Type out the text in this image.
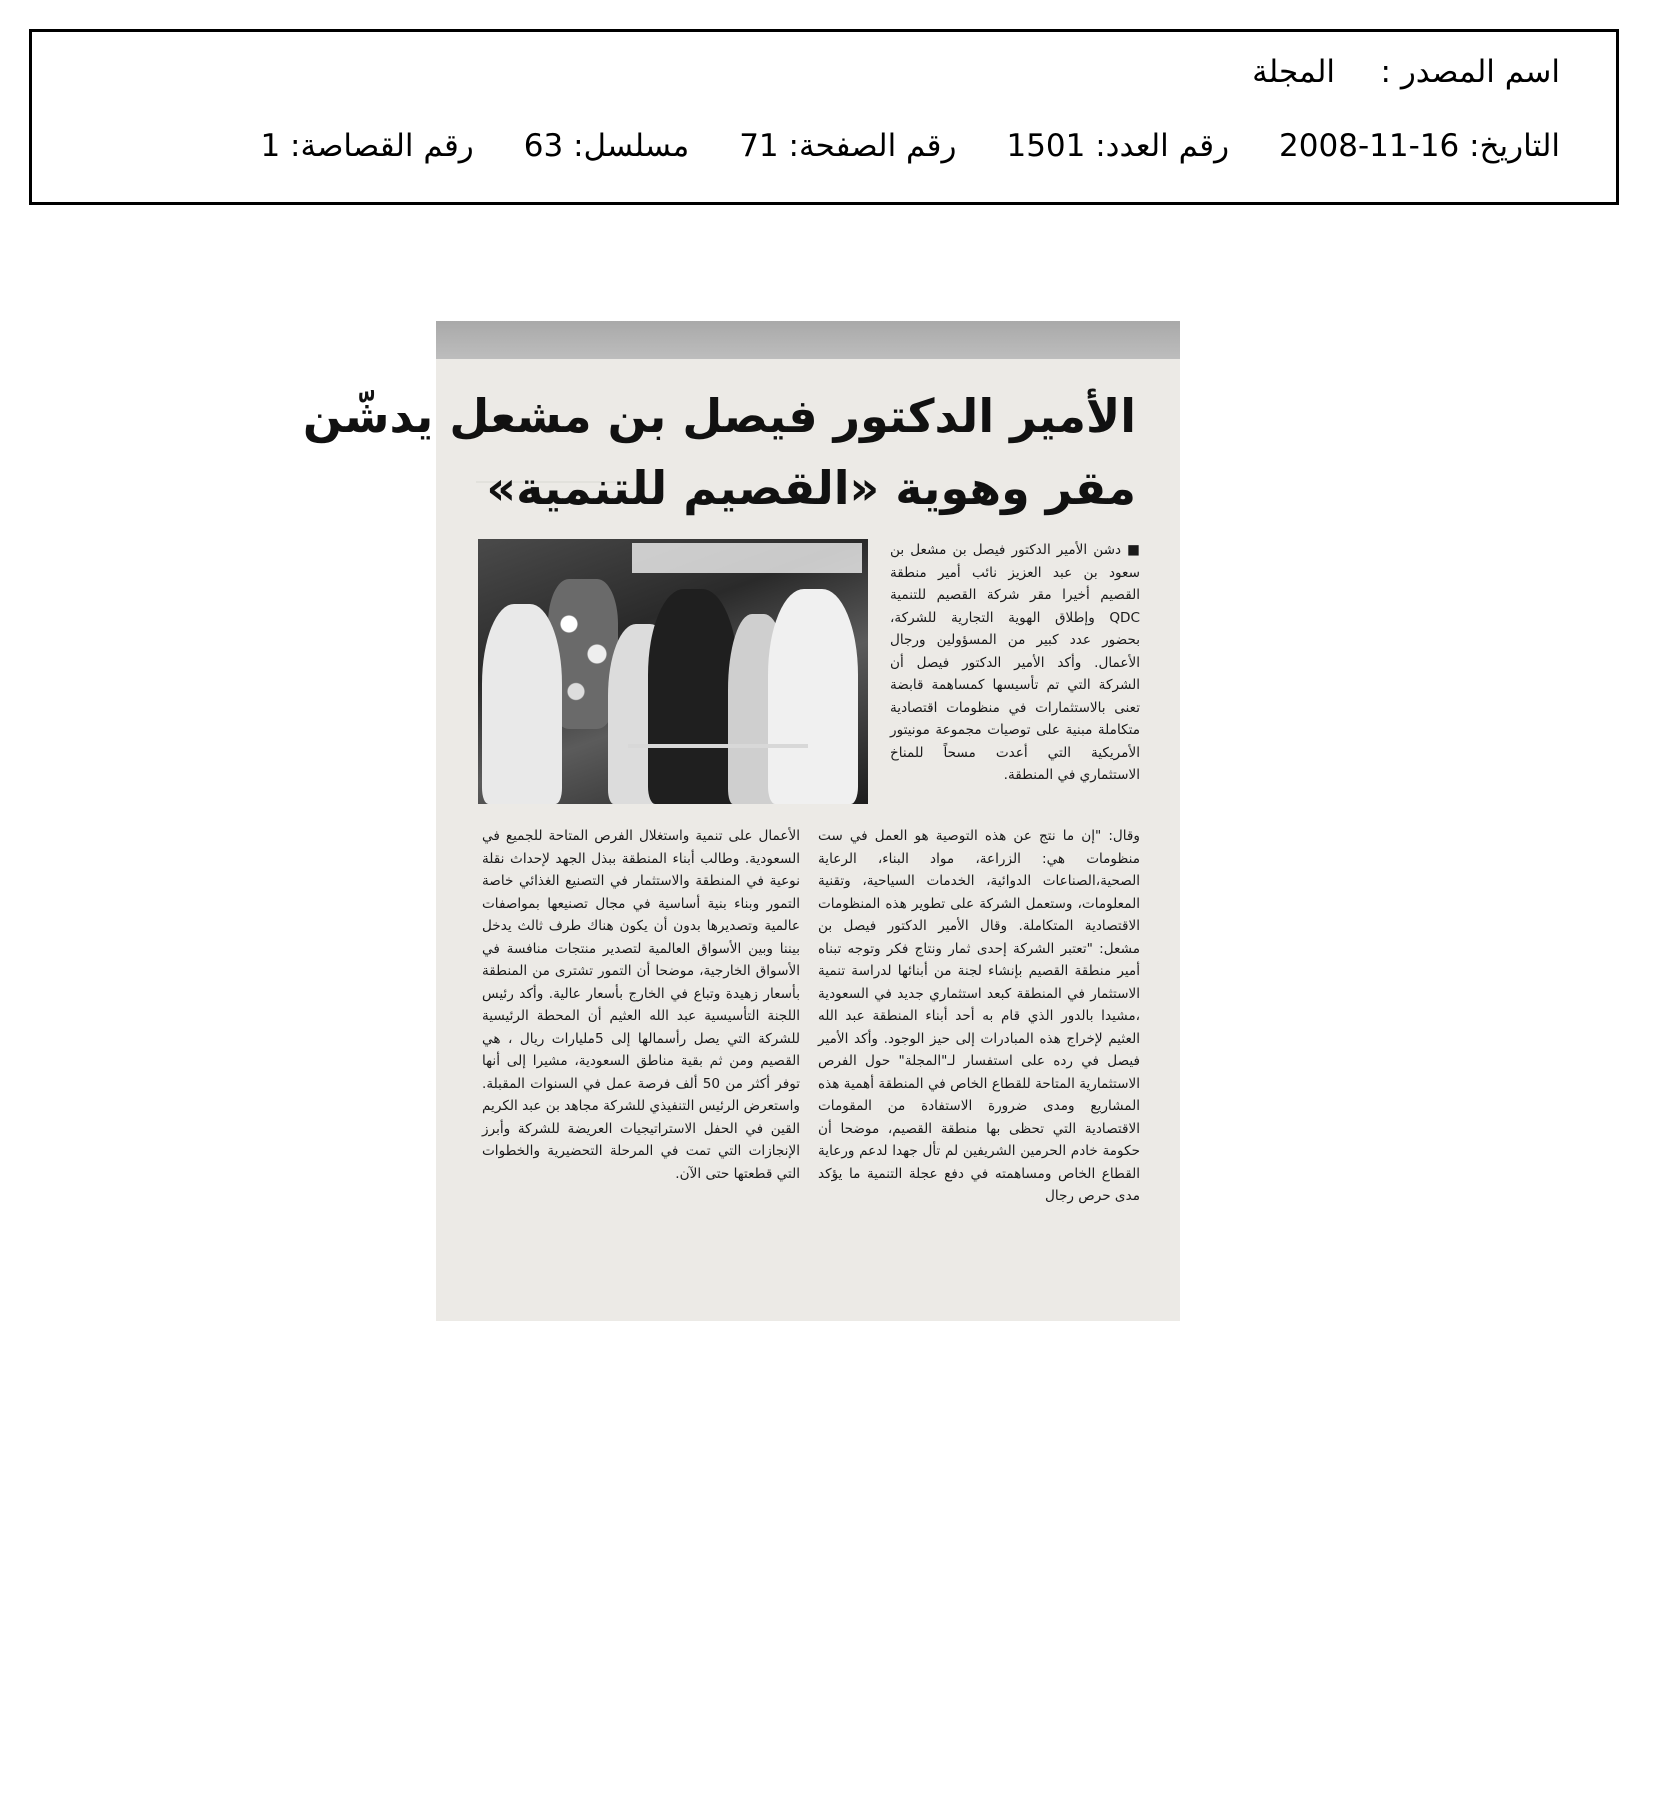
اسم المصدر :
المجلة
التاريخ: 16-11-2008
رقم العدد: 1501
رقم الصفحة: 71
مسلسل: 63
رقم القصاصة: 1
الأمير الدكتور فيصل بن مشعل يدشّن
مقر وهوية «القصيم للتنمية»

■ دشن الأمير الدكتور فيصل بن مشعل بن سعود بن عبد العزيز نائب أمير منطقة القصيم أخيرا مقر شركة القصيم للتنمية QDC وإطلاق الهوية التجارية للشركة، بحضور عدد كبير من المسؤولين ورجال الأعمال. وأكد الأمير الدكتور فيصل أن الشركة التي تم تأسيسها كمساهمة قابضة تعنى بالاستثمارات في منظومات اقتصادية متكاملة مبنية على توصيات مجموعة مونيتور الأمريكية التي أعدت مسحاً للمناخ الاستثماري في المنطقة.

وقال: "إن ما نتج عن هذه التوصية هو العمل في ست منظومات هي: الزراعة، مواد البناء، الرعاية الصحية،الصناعات الدوائية، الخدمات السياحية، وتقنية المعلومات، وستعمل الشركة على تطوير هذه المنظومات الاقتصادية المتكاملة. وقال الأمير الدكتور فيصل بن مشعل: "تعتبر الشركة إحدى ثمار ونتاج فكر وتوجه تبناه أمير منطقة القصيم بإنشاء لجنة من أبنائها لدراسة تنمية الاستثمار في المنطقة كبعد استثماري جديد في السعودية ،مشيدا بالدور الذي قام به أحد أبناء المنطقة عبد الله العثيم لإخراج هذه المبادرات إلى حيز الوجود. وأكد الأمير فيصل في رده على استفسار لـ"المجلة" حول الفرص الاستثمارية المتاحة للقطاع الخاص في المنطقة أهمية هذه المشاريع ومدى ضرورة الاستفادة من المقومات الاقتصادية التي تحظى بها منطقة القصيم، موضحا أن حكومة خادم الحرمين الشريفين لم تأل جهدا لدعم ورعاية القطاع الخاص ومساهمته في دفع عجلة التنمية ما يؤكد مدى حرص رجال

الأعمال على تنمية واستغلال الفرص المتاحة للجميع في السعودية. وطالب أبناء المنطقة ببذل الجهد لإحداث نقلة نوعية في المنطقة والاستثمار في التصنيع الغذائي خاصة التمور وبناء بنية أساسية في مجال تصنيعها بمواصفات عالمية وتصديرها بدون أن يكون هناك طرف ثالث يدخل بيننا وبين الأسواق العالمية لتصدير منتجات منافسة في الأسواق الخارجية، موضحا أن التمور تشترى من المنطقة بأسعار زهيدة وتباع في الخارج بأسعار عالية. وأكد رئيس اللجنة التأسيسية عبد الله العثيم أن المحطة الرئيسية للشركة التي يصل رأسمالها إلى 5مليارات ريال ، هي القصيم ومن ثم بقية مناطق السعودية، مشيرا إلى أنها توفر أكثر من 50 ألف فرصة عمل في السنوات المقبلة. واستعرض الرئيس التنفيذي للشركة مجاهد بن عبد الكريم القين في الحفل الاستراتيجيات العريضة للشركة وأبرز الإنجازات التي تمت في المرحلة التحضيرية والخطوات التي قطعتها حتى الآن.
